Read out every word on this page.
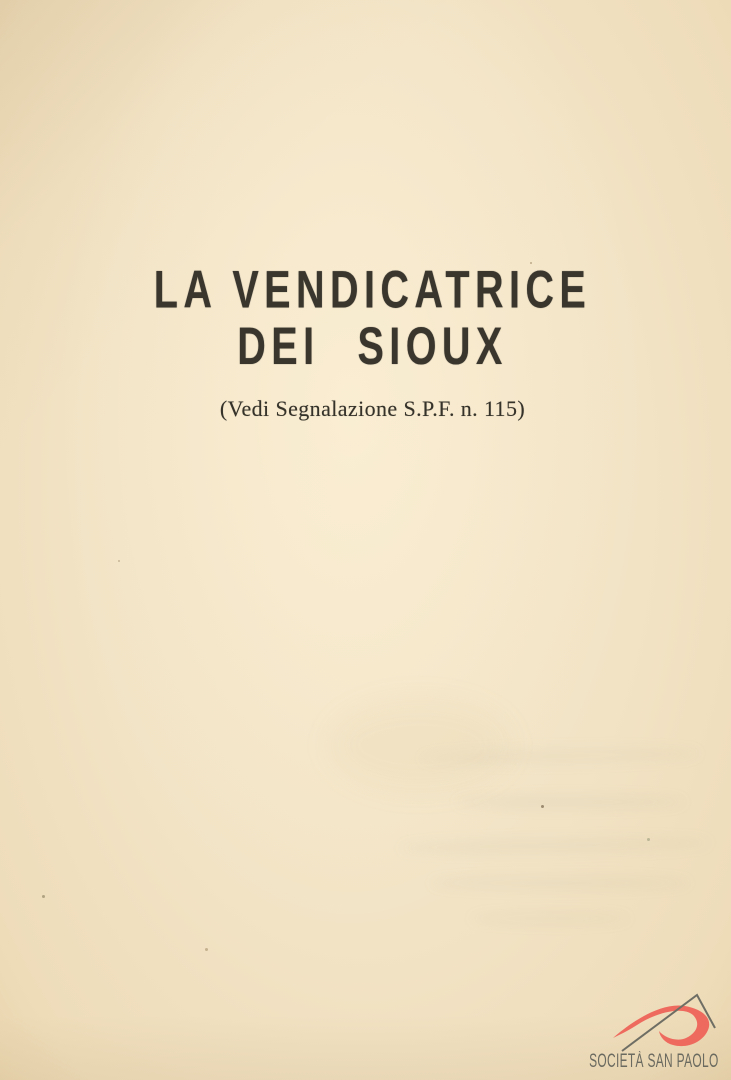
LA VENDICATRICE
DEI SIOUX

(Vedi Segnalazione S.P.F. n. 115)

SOCIETÀ SAN PAOLO
